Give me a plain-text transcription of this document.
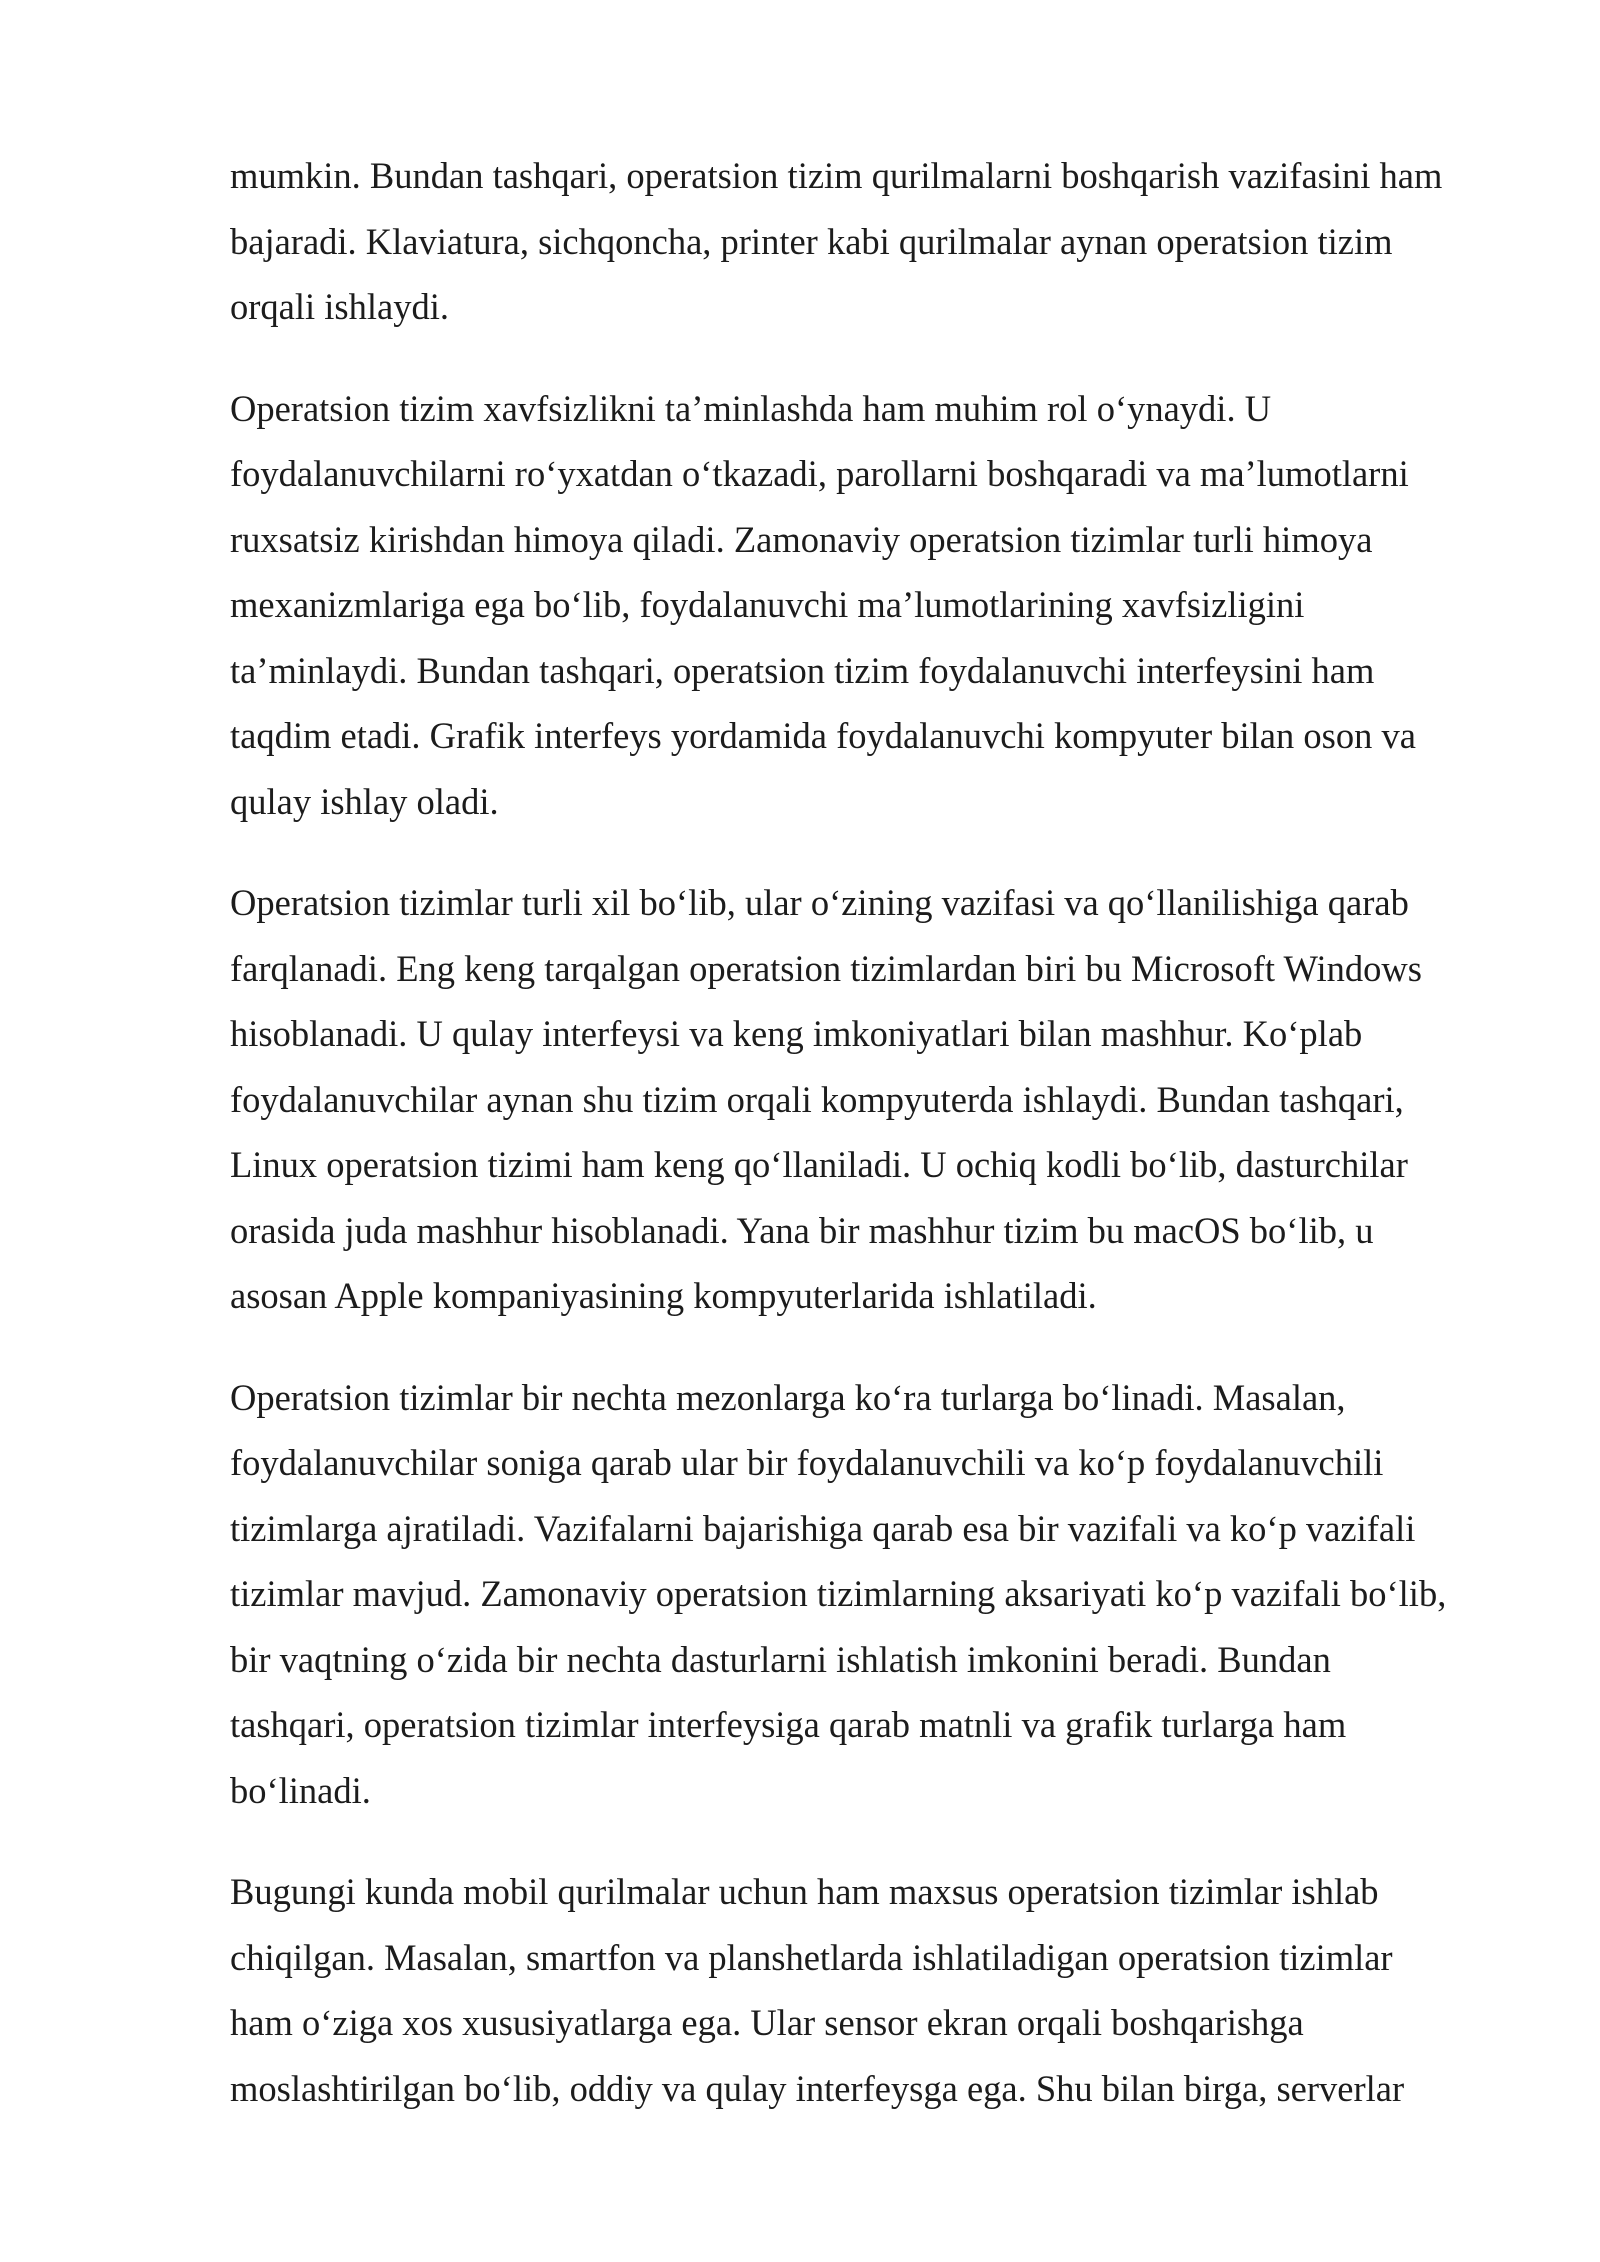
mumkin. Bundan tashqari, operatsion tizim qurilmalarni boshqarish vazifasini ham
bajaradi. Klaviatura, sichqoncha, printer kabi qurilmalar aynan operatsion tizim
orqali ishlaydi.

Operatsion tizim xavfsizlikni ta’minlashda ham muhim rol o‘ynaydi. U
foydalanuvchilarni ro‘yxatdan o‘tkazadi, parollarni boshqaradi va ma’lumotlarni
ruxsatsiz kirishdan himoya qiladi. Zamonaviy operatsion tizimlar turli himoya
mexanizmlariga ega bo‘lib, foydalanuvchi ma’lumotlarining xavfsizligini
ta’minlaydi. Bundan tashqari, operatsion tizim foydalanuvchi interfeysini ham
taqdim etadi. Grafik interfeys yordamida foydalanuvchi kompyuter bilan oson va
qulay ishlay oladi.

Operatsion tizimlar turli xil bo‘lib, ular o‘zining vazifasi va qo‘llanilishiga qarab
farqlanadi. Eng keng tarqalgan operatsion tizimlardan biri bu Microsoft Windows
hisoblanadi. U qulay interfeysi va keng imkoniyatlari bilan mashhur. Ko‘plab
foydalanuvchilar aynan shu tizim orqali kompyuterda ishlaydi. Bundan tashqari,
Linux operatsion tizimi ham keng qo‘llaniladi. U ochiq kodli bo‘lib, dasturchilar
orasida juda mashhur hisoblanadi. Yana bir mashhur tizim bu macOS bo‘lib, u
asosan Apple kompaniyasining kompyuterlarida ishlatiladi.

Operatsion tizimlar bir nechta mezonlarga ko‘ra turlarga bo‘linadi. Masalan,
foydalanuvchilar soniga qarab ular bir foydalanuvchili va ko‘p foydalanuvchili
tizimlarga ajratiladi. Vazifalarni bajarishiga qarab esa bir vazifali va ko‘p vazifali
tizimlar mavjud. Zamonaviy operatsion tizimlarning aksariyati ko‘p vazifali bo‘lib,
bir vaqtning o‘zida bir nechta dasturlarni ishlatish imkonini beradi. Bundan
tashqari, operatsion tizimlar interfeysiga qarab matnli va grafik turlarga ham
bo‘linadi.

Bugungi kunda mobil qurilmalar uchun ham maxsus operatsion tizimlar ishlab
chiqilgan. Masalan, smartfon va planshetlarda ishlatiladigan operatsion tizimlar
ham o‘ziga xos xususiyatlarga ega. Ular sensor ekran orqali boshqarishga
moslashtirilgan bo‘lib, oddiy va qulay interfeysga ega. Shu bilan birga, serverlar
